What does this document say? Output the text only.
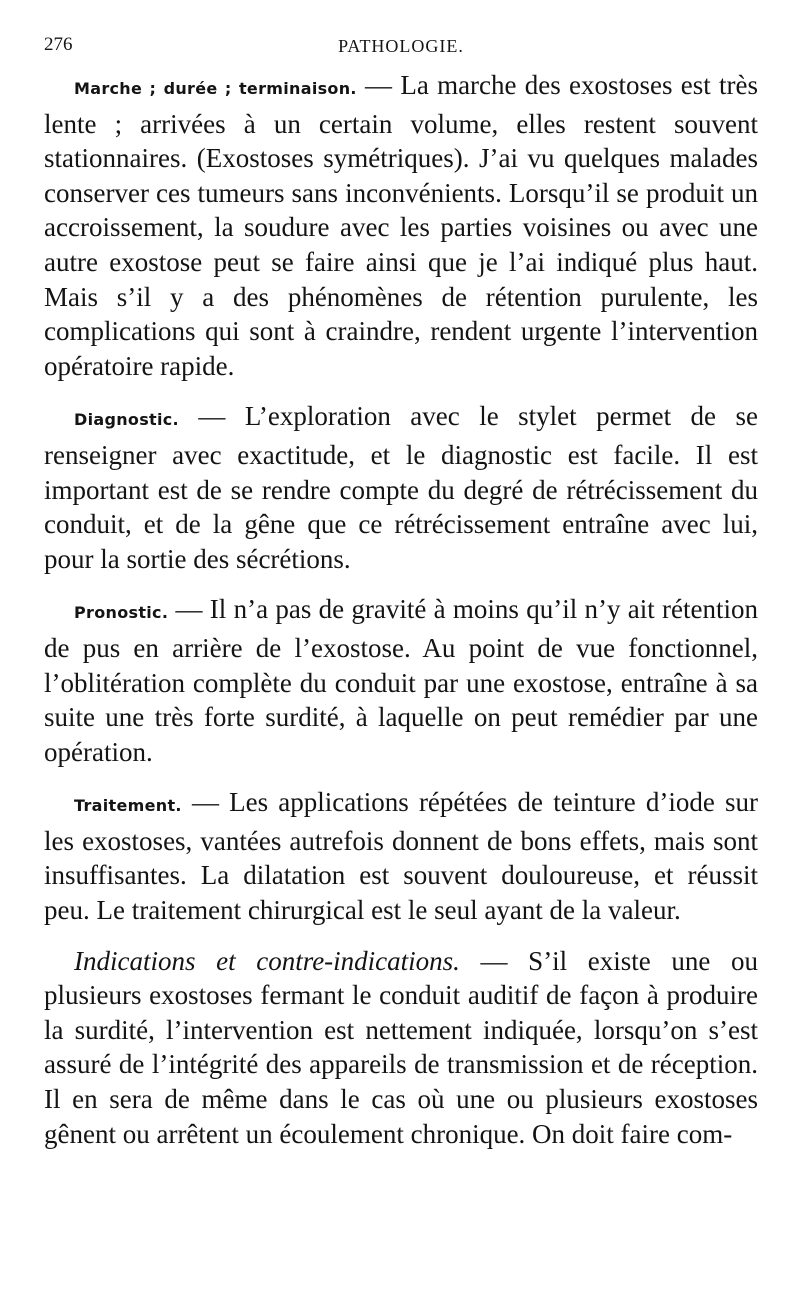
276	PATHOLOGIE.

Marche ; durée ; terminaison. — La marche des exostoses est très lente ; arrivées à un certain volume, elles restent souvent stationnaires. (Exostoses symétriques). J’ai vu quelques malades conserver ces tumeurs sans inconvénients. Lorsqu’il se produit un accroissement, la soudure avec les parties voisines ou avec une autre exostose peut se faire ainsi que je l’ai indiqué plus haut. Mais s’il y a des phénomènes de rétention purulente, les complications qui sont à craindre, rendent urgente l’intervention opératoire rapide.

Diagnostic. — L’exploration avec le stylet permet de se renseigner avec exactitude, et le diagnostic est facile. Il est important est de se rendre compte du degré de rétrécissement du conduit, et de la gêne que ce rétrécissement entraîne avec lui, pour la sortie des sécrétions.

Pronostic. — Il n’a pas de gravité à moins qu’il n’y ait rétention de pus en arrière de l’exostose. Au point de vue fonctionnel, l’oblitération complète du conduit par une exostose, entraîne à sa suite une très forte surdité, à laquelle on peut remédier par une opération.

Traitement. — Les applications répétées de teinture d’iode sur les exostoses, vantées autrefois donnent de bons effets, mais sont insuffisantes. La dilatation est souvent douloureuse, et réussit peu. Le traitement chirurgical est le seul ayant de la valeur.

Indications et contre-indications. — S’il existe une ou plusieurs exostoses fermant le conduit auditif de façon à produire la surdité, l’intervention est nettement indiquée, lorsqu’on s’est assuré de l’intégrité des appareils de transmission et de réception. Il en sera de même dans le cas où une ou plusieurs exostoses gênent ou arrêtent un écoulement chronique. On doit faire com-
